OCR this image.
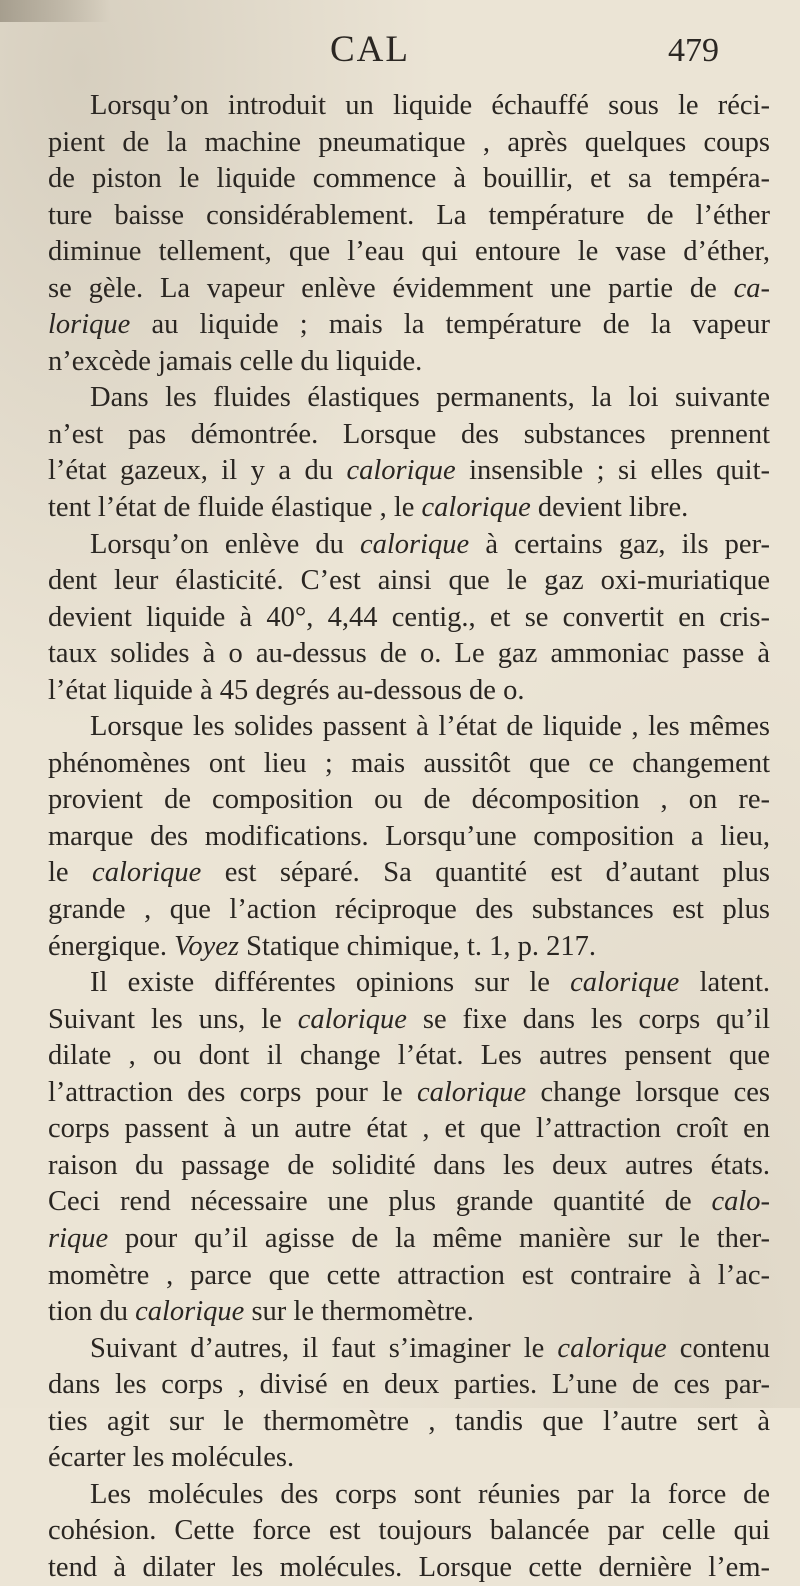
CAL	479
Lorsqu’on introduit un liquide échauffé sous le réci-
pient de la machine pneumatique , après quelques coups
de piston le liquide commence à bouillir, et sa tempéra-
ture baisse considérablement. La température de l’éther
diminue tellement, que l’eau qui entoure le vase d’éther,
se gèle. La vapeur enlève évidemment une partie de ca-
lorique au liquide ; mais la température de la vapeur
n’excède jamais celle du liquide.
Dans les fluides élastiques permanents, la loi suivante
n’est pas démontrée. Lorsque des substances prennent
l’état gazeux, il y a du calorique insensible ; si elles quit-
tent l’état de fluide élastique , le calorique devient libre.
Lorsqu’on enlève du calorique à certains gaz, ils per-
dent leur élasticité. C’est ainsi que le gaz oxi-muriatique
devient liquide à 40°, 4,44 centig., et se convertit en cris-
taux solides à o au-dessus de o. Le gaz ammoniac passe à
l’état liquide à 45 degrés au-dessous de o.
Lorsque les solides passent à l’état de liquide , les mêmes
phénomènes ont lieu ; mais aussitôt que ce changement
provient de composition ou de décomposition , on re-
marque des modifications. Lorsqu’une composition a lieu,
le calorique est séparé. Sa quantité est d’autant plus
grande , que l’action réciproque des substances est plus
énergique. Voyez Statique chimique, t. 1, p. 217.
Il existe différentes opinions sur le calorique latent.
Suivant les uns, le calorique se fixe dans les corps qu’il
dilate , ou dont il change l’état. Les autres pensent que
l’attraction des corps pour le calorique change lorsque ces
corps passent à un autre état , et que l’attraction croît en
raison du passage de solidité dans les deux autres états.
Ceci rend nécessaire une plus grande quantité de calo-
rique pour qu’il agisse de la même manière sur le ther-
momètre , parce que cette attraction est contraire à l’ac-
tion du calorique sur le thermomètre.
Suivant d’autres, il faut s’imaginer le calorique contenu
dans les corps , divisé en deux parties. L’une de ces par-
ties agit sur le thermomètre , tandis que l’autre sert à
écarter les molécules.
Les molécules des corps sont réunies par la force de
cohésion. Cette force est toujours balancée par celle qui
tend à dilater les molécules. Lorsque cette dernière l’em-
